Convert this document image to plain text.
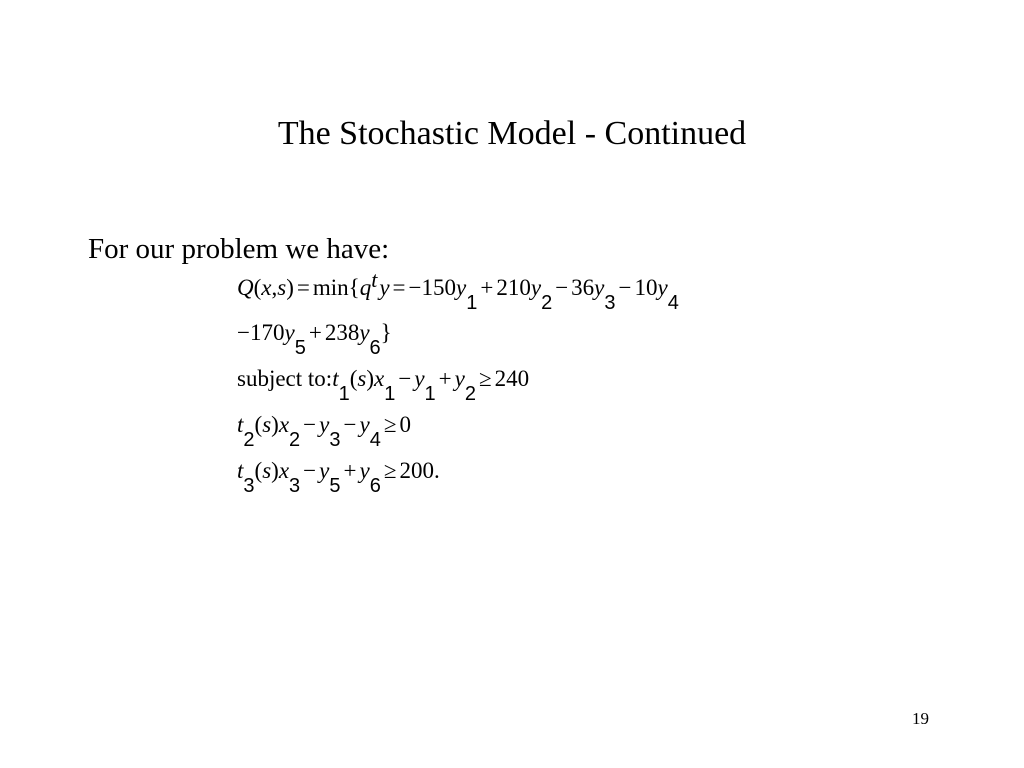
The Stochastic Model - Continued
For our problem we have:
Q(x,s) = min{qty = −150y1+ 210y2− 36y3− 10y4
−170y5+ 238y6}
subject to:t1(s)x1− y1+ y2≥ 240
t2(s)x2− y3− y4≥ 0
t3(s)x3− y5+ y6≥ 200.
19
